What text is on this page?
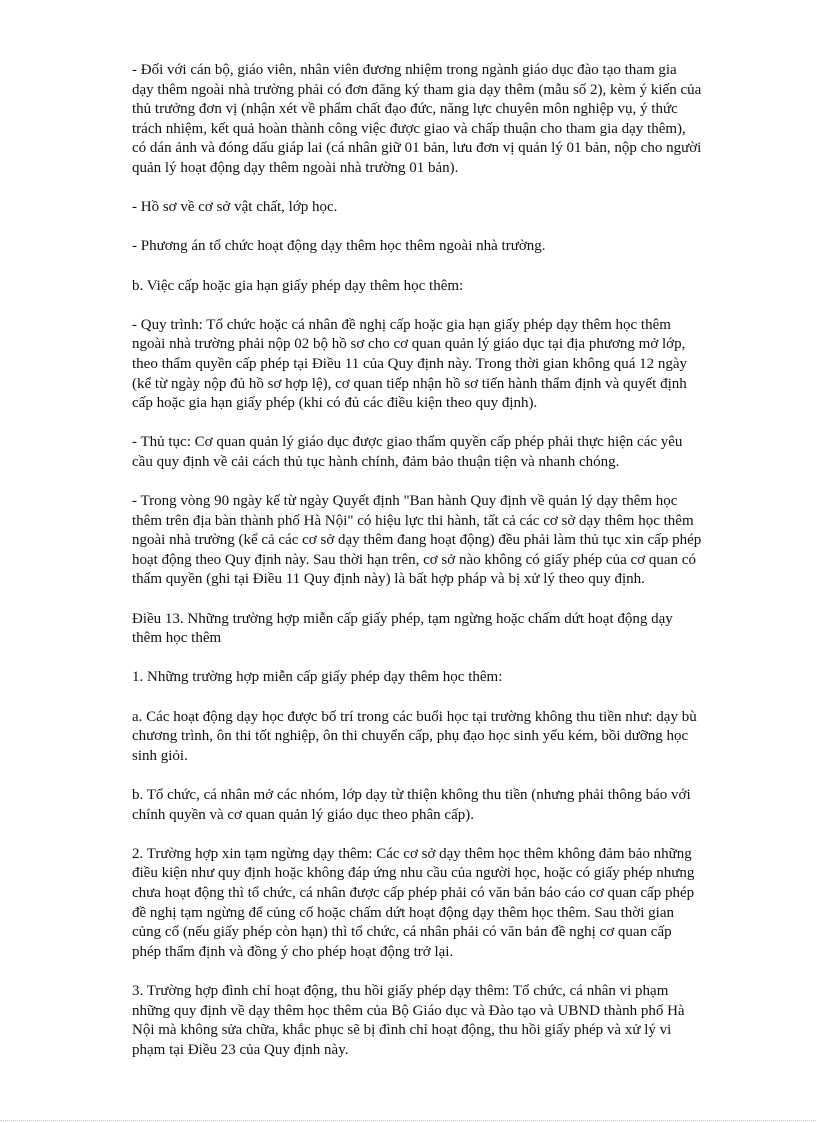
- Đối với cán bộ, giáo viên, nhân viên đương nhiệm trong ngành giáo dục đào tạo tham gia
dạy thêm ngoài nhà trường phải có đơn đăng ký tham gia dạy thêm (mẫu số 2), kèm ý kiến của
thủ trưởng đơn vị (nhận xét về phẩm chất đạo đức, năng lực chuyên môn nghiệp vụ, ý thức
trách nhiệm, kết quả hoàn thành công việc được giao và chấp thuận cho tham gia dạy thêm),
có dán ảnh và đóng dấu giáp lai (cá nhân giữ 01 bản, lưu đơn vị quản lý 01 bản, nộp cho người
quản lý hoạt động dạy thêm ngoài nhà trường 01 bản).

- Hồ sơ về cơ sở vật chất, lớp học.

- Phương án tổ chức hoạt động dạy thêm học thêm ngoài nhà trường.

b. Việc cấp hoặc gia hạn giấy phép dạy thêm học thêm:

- Quy trình: Tổ chức hoặc cá nhân đề nghị cấp hoặc gia hạn giấy phép dạy thêm học thêm
ngoài nhà trường phải nộp 02 bộ hồ sơ cho cơ quan quản lý giáo dục tại địa phương mở lớp,
theo thẩm quyền cấp phép tại Điều 11 của Quy định này. Trong thời gian không quá 12 ngày
(kể từ ngày nộp đủ hồ sơ hợp lệ), cơ quan tiếp nhận hồ sơ tiến hành thẩm định và quyết định
cấp hoặc gia hạn giấy phép (khi có đủ các điều kiện theo quy định).

- Thủ tục: Cơ quan quản lý giáo dục được giao thẩm quyền cấp phép phải thực hiện các yêu
cầu quy định về cải cách thủ tục hành chính, đảm bảo thuận tiện và nhanh chóng.

- Trong vòng 90 ngày kể từ ngày Quyết định "Ban hành Quy định về quản lý dạy thêm học
thêm trên địa bàn thành phố Hà Nội" có hiệu lực thi hành, tất cả các cơ sở dạy thêm học thêm
ngoài nhà trường (kể cả các cơ sở dạy thêm đang hoạt động) đều phải làm thủ tục xin cấp phép
hoạt động theo Quy định này. Sau thời hạn trên, cơ sở nào không có giấy phép của cơ quan có
thẩm quyền (ghi tại Điều 11 Quy định này) là bất hợp pháp và bị xử lý theo quy định.

Điều 13. Những trường hợp miễn cấp giấy phép, tạm ngừng hoặc chấm dứt hoạt động dạy
thêm học thêm

1. Những trường hợp miễn cấp giấy phép dạy thêm học thêm:

a. Các hoạt động dạy học được bố trí trong các buổi học tại trường không thu tiền như: dạy bù
chương trình, ôn thi tốt nghiệp, ôn thi chuyển cấp, phụ đạo học sinh yếu kém, bồi dưỡng học
sinh giỏi.

b. Tổ chức, cá nhân mở các nhóm, lớp dạy từ thiện không thu tiền (nhưng phải thông báo với
chính quyền và cơ quan quản lý giáo dục theo phân cấp).

2. Trường hợp xin tạm ngừng dạy thêm: Các cơ sở dạy thêm học thêm không đảm bảo những
điều kiện như quy định hoặc không đáp ứng nhu cầu của người học, hoặc có giấy phép nhưng
chưa hoạt động thì tổ chức, cá nhân được cấp phép phải có văn bản báo cáo cơ quan cấp phép
đề nghị tạm ngừng để củng cố hoặc chấm dứt hoạt động dạy thêm học thêm. Sau thời gian
củng cố (nếu giấy phép còn hạn) thì tổ chức, cá nhân phải có văn bản đề nghị cơ quan cấp
phép thẩm định và đồng ý cho phép hoạt động trở lại.

3. Trường hợp đình chỉ hoạt động, thu hồi giấy phép dạy thêm: Tổ chức, cá nhân vi phạm
những quy định về dạy thêm học thêm của Bộ Giáo dục và Đào tạo và UBND thành phố Hà
Nội mà không sửa chữa, khắc phục sẽ bị đình chỉ hoạt động, thu hồi giấy phép và xử lý vi
phạm tại Điều 23 của Quy định này.
